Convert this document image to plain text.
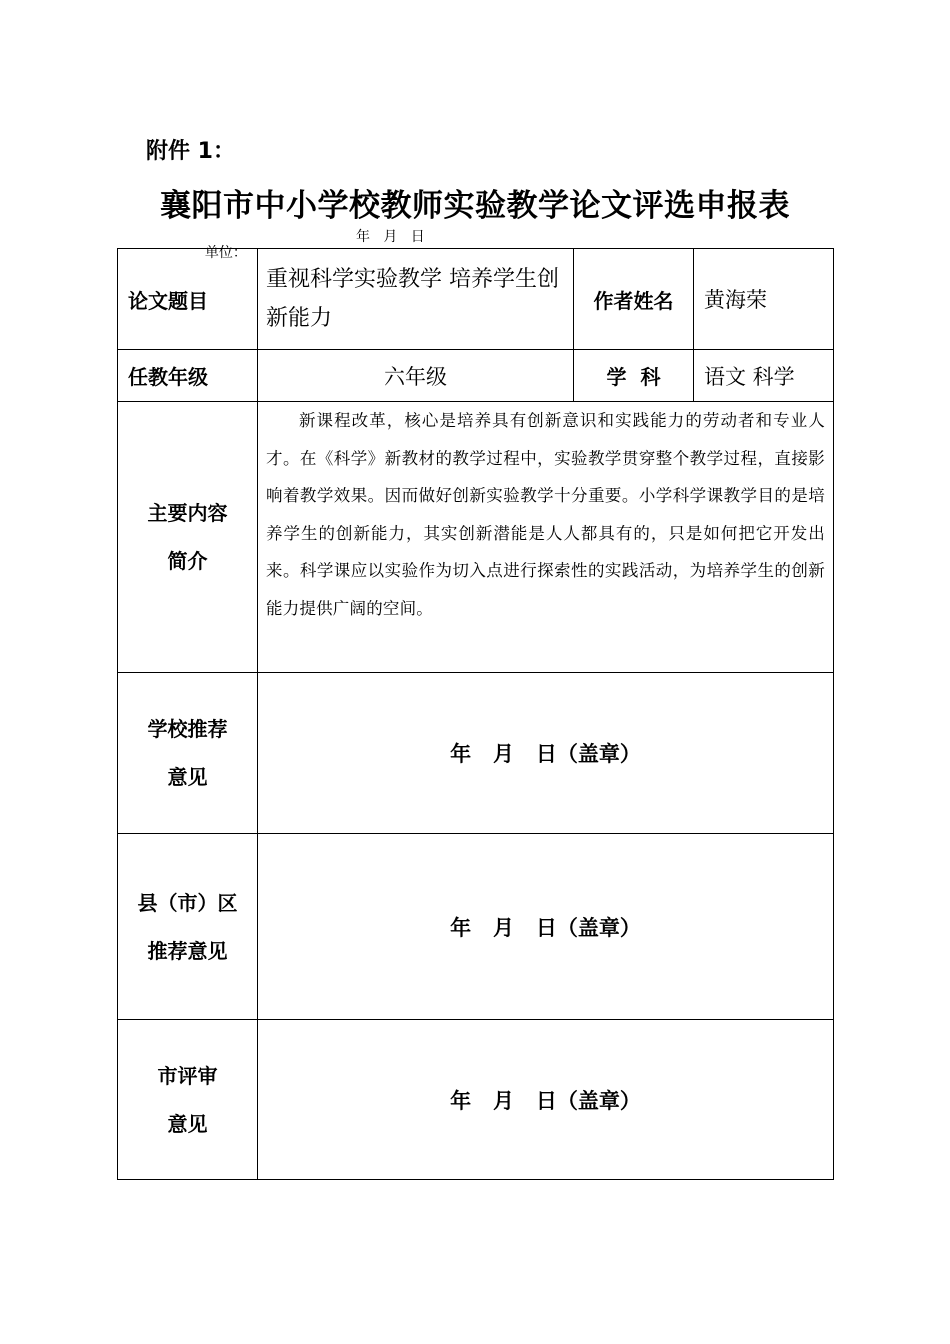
附件 1：
襄阳市中小学校教师实验教学论文评选申报表

单位：

年   月   日

论文题目	重视科学实验教学 培养学生创新能力	作者姓名	黄海荣
任教年级	六年级	学  科	语文 科学

主要内容
简介	新课程改革，核心是培养具有创新意识和实践能力的劳动者和专业人才。在《科学》新教材的教学过程中，实验教学贯穿整个教学过程，直接影响着教学效果。因而做好创新实验教学十分重要。小学科学课教学目的是培养学生的创新能力，其实创新潜能是人人都具有的，只是如何把它开发出来。科学课应以实验作为切入点进行探索性的实践活动，为培养学生的创新能力提供广阔的空间。		

学校推荐
意见	年   月   日（盖章）		

县（市）区
推荐意见	年   月   日（盖章）		

市评审
意见	年   月   日（盖章）		
